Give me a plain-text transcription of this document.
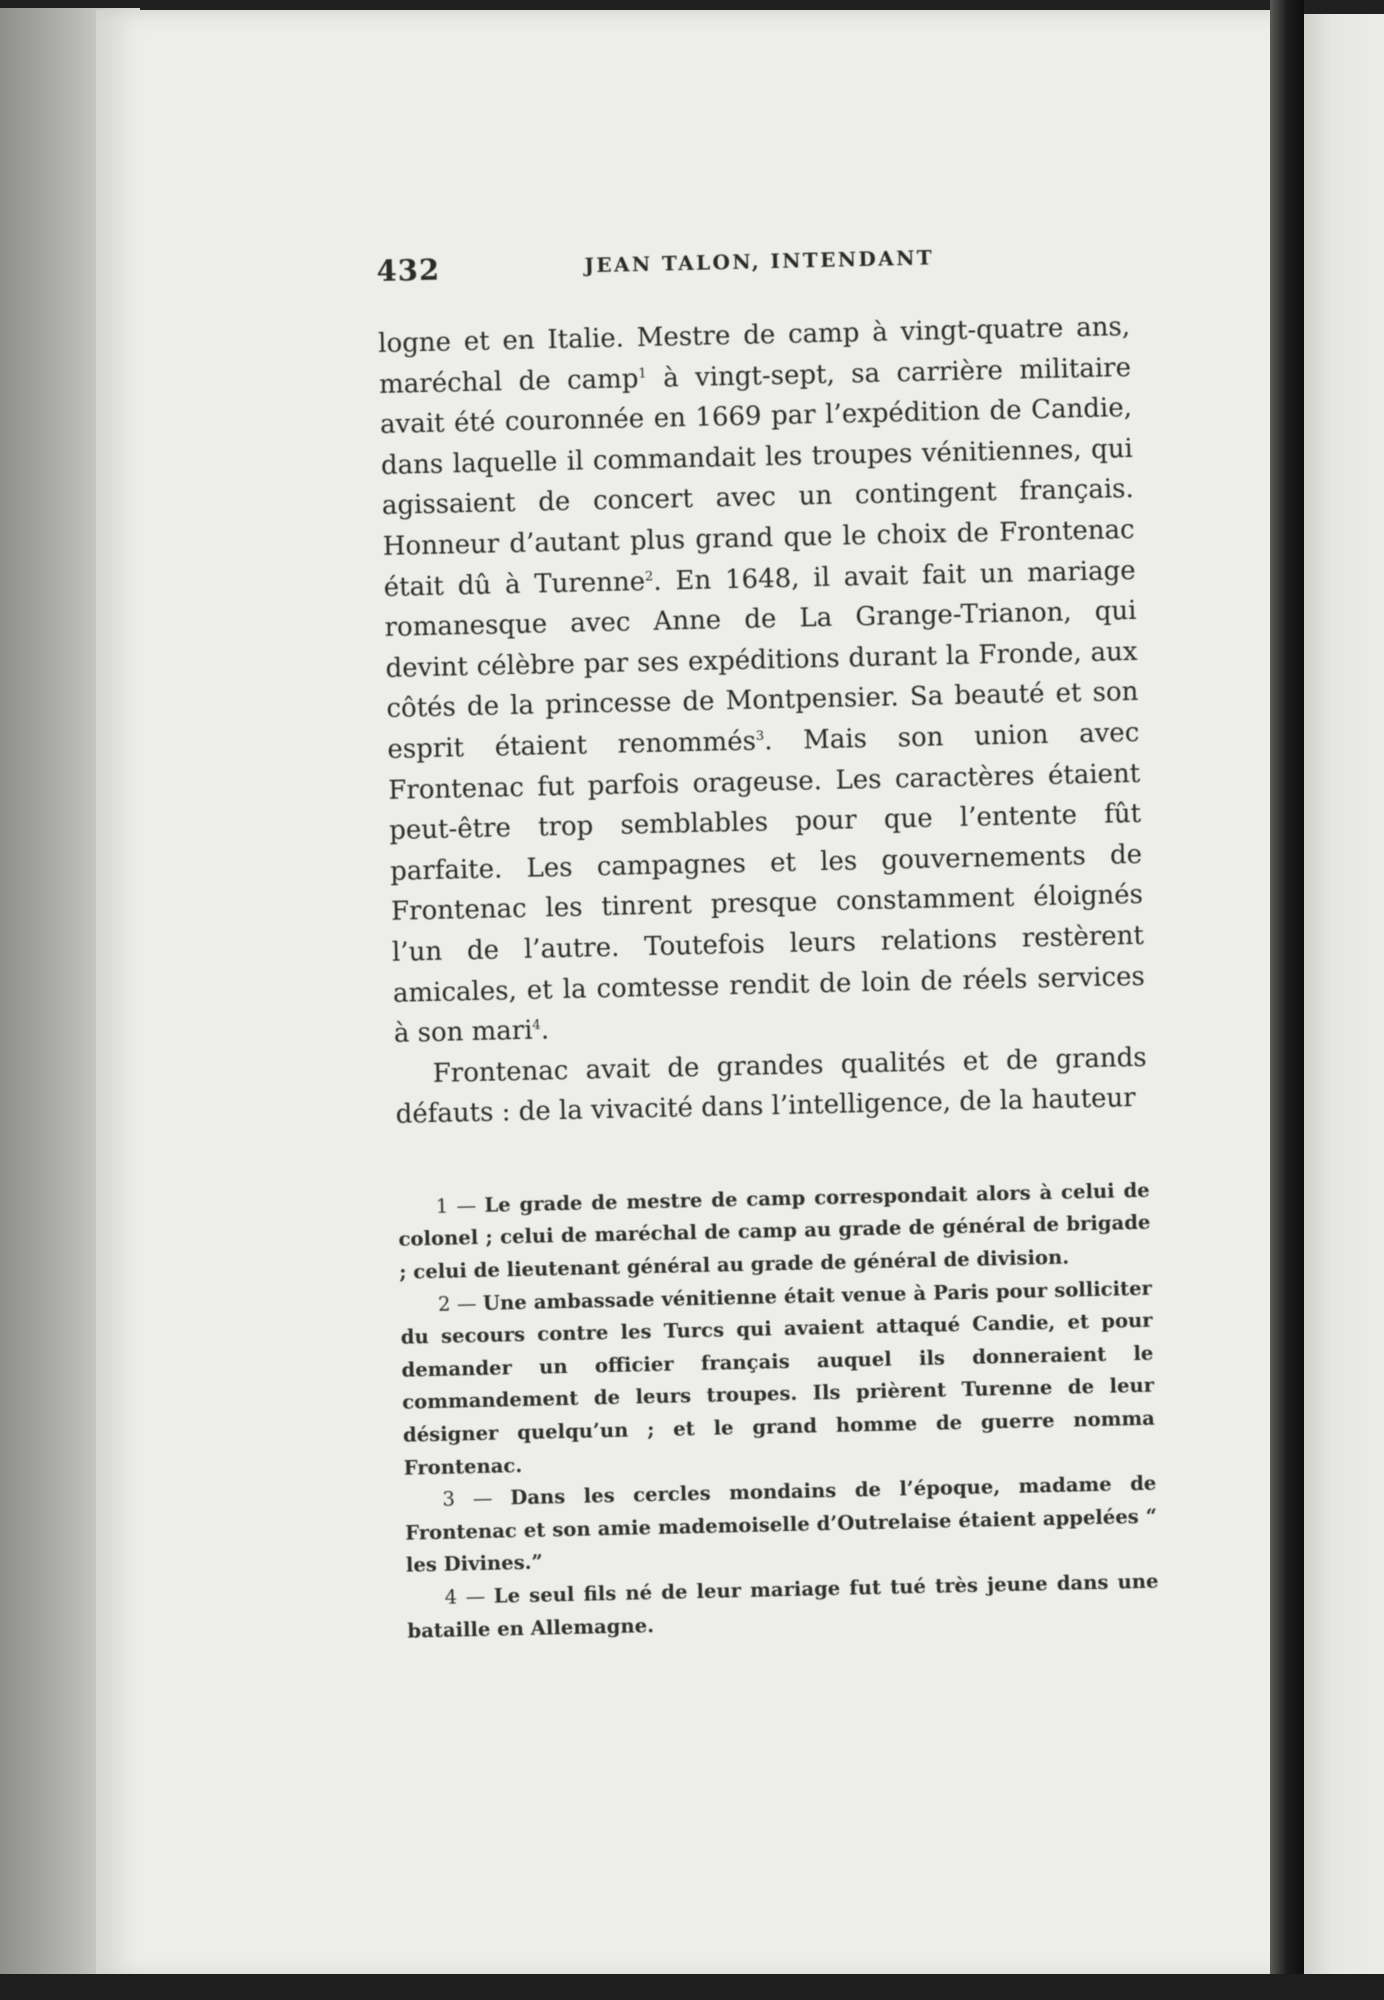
432	JEAN TALON, INTENDANT

logne et en Italie. Mestre de camp à vingt-quatre ans, maréchal de camp$^1$ à vingt-sept, sa carrière militaire avait été couronnée en 1669 par l’expédition de Candie, dans laquelle il commandait les troupes vénitiennes, qui agissaient de concert avec un contingent français. Honneur d’autant plus grand que le choix de Frontenac était dû à Turenne$^2$. En 1648, il avait fait un mariage romanesque avec Anne de La Grange-Trianon, qui devint célèbre par ses expéditions durant la Fronde, aux côtés de la princesse de Montpensier. Sa beauté et son esprit étaient renommés$^3$. Mais son union avec Frontenac fut parfois orageuse. Les caractères étaient peut-être trop semblables pour que l’entente fût parfaite. Les campagnes et les gouvernements de Frontenac les tinrent presque constamment éloignés l’un de l’autre. Toutefois leurs relations restèrent amicales, et la comtesse rendit de loin de réels services à son mari$^4$.

Frontenac avait de grandes qualités et de grands défauts : de la vivacité dans l’intelligence, de la hauteur

1 — Le grade de mestre de camp correspondait alors à celui de colonel ; celui de maréchal de camp au grade de général de brigade ; celui de lieutenant général au grade de général de division.

2 — Une ambassade vénitienne était venue à Paris pour solliciter du secours contre les Turcs qui avaient attaqué Candie, et pour demander un officier français auquel ils donneraient le commandement de leurs troupes. Ils prièrent Turenne de leur désigner quelqu’un ; et le grand homme de guerre nomma Frontenac.

3 — Dans les cercles mondains de l’époque, madame de Frontenac et son amie mademoiselle d’Outrelaise étaient appelées “ les Divines.”

4 — Le seul fils né de leur mariage fut tué très jeune dans une bataille en Allemagne.
